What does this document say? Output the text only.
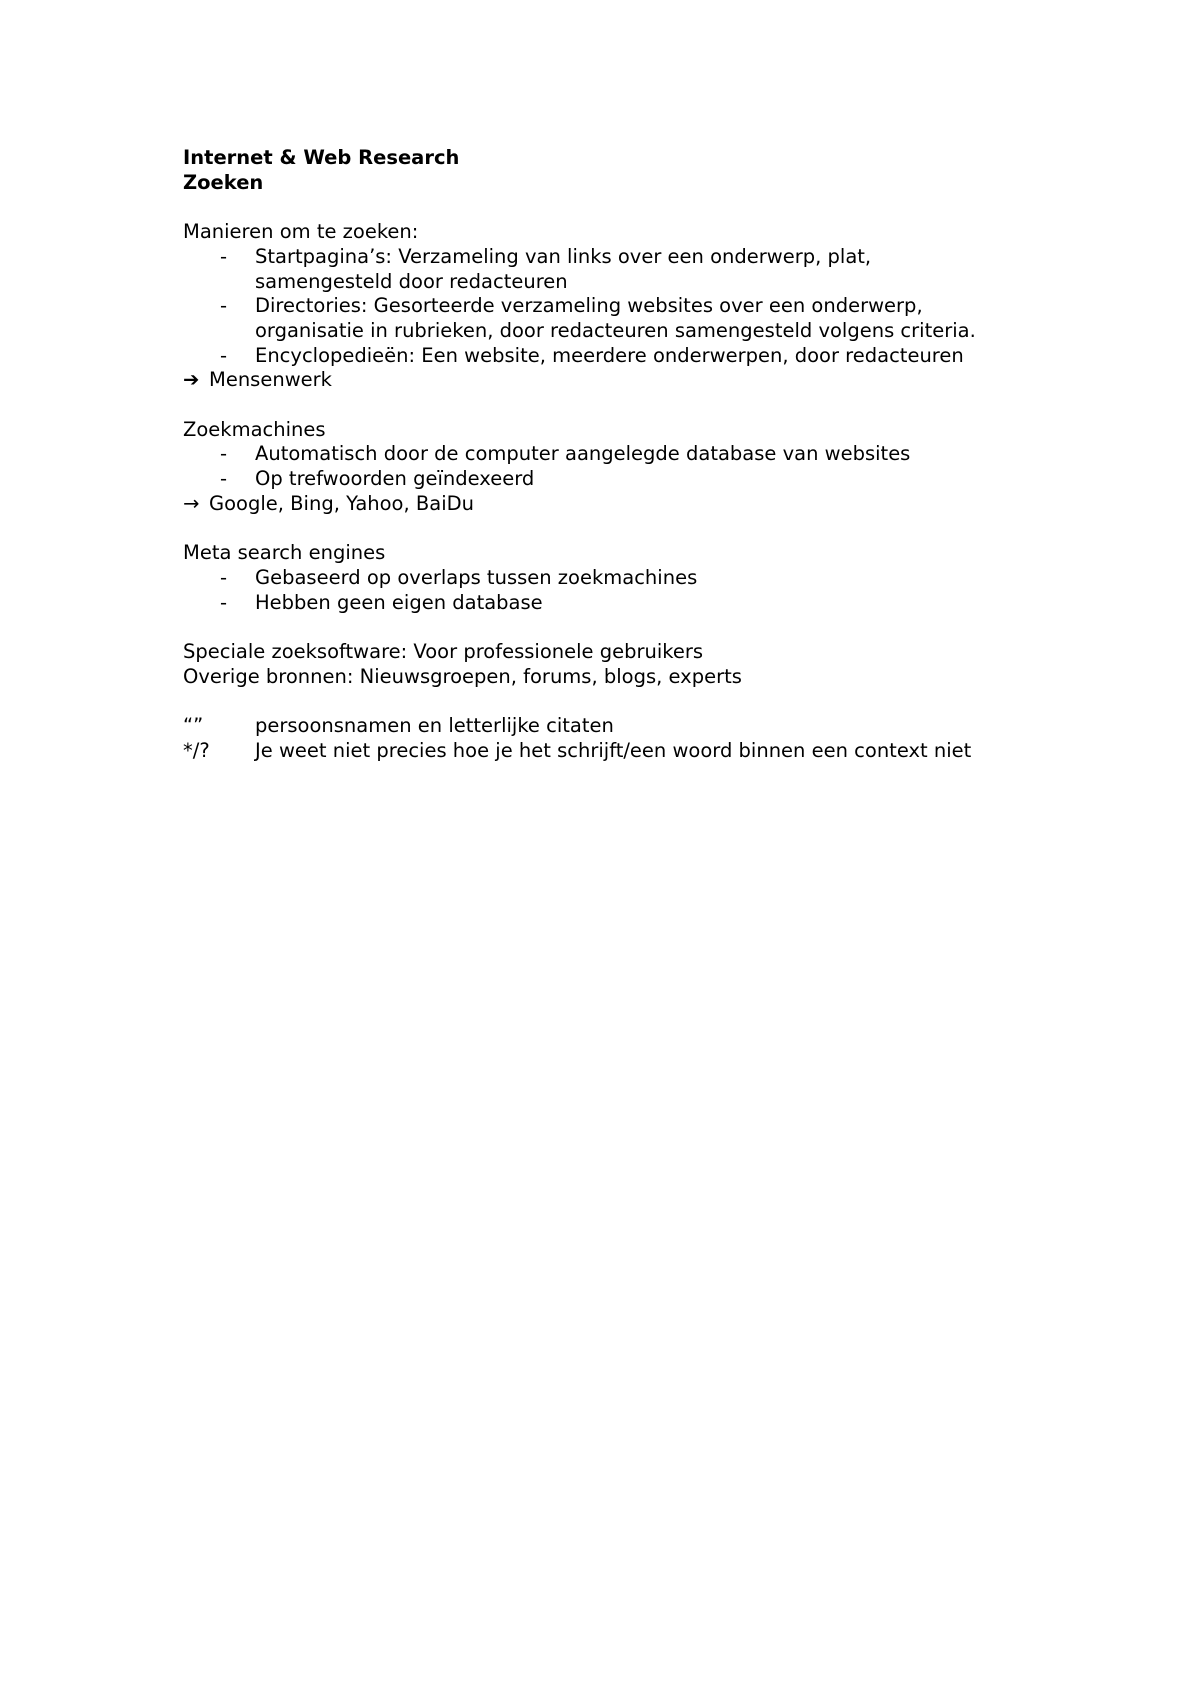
Internet & Web Research

Zoeken

Manieren om te zoeken:

- Startpagina’s: Verzameling van links over een onderwerp, plat,
samengesteld door redacteuren
- Directories: Gesorteerde verzameling websites over een onderwerp,
organisatie in rubrieken, door redacteuren samengesteld volgens criteria.
- Encyclopedieën: Een website, meerdere onderwerpen, door redacteuren
➔ Mensenwerk

Zoekmachines

- Automatisch door de computer aangelegde database van websites
- Op trefwoorden geïndexeerd
→ Google, Bing, Yahoo, BaiDu

Meta search engines

- Gebaseerd op overlaps tussen zoekmachines
- Hebben geen eigen database

Speciale zoeksoftware: Voor professionele gebruikers

Overige bronnen: Nieuwsgroepen, forums, blogs, experts

“”	persoonsnamen en letterlijke citaten
*/? Je weet niet precies hoe je het schrijft/een woord binnen een context niet
